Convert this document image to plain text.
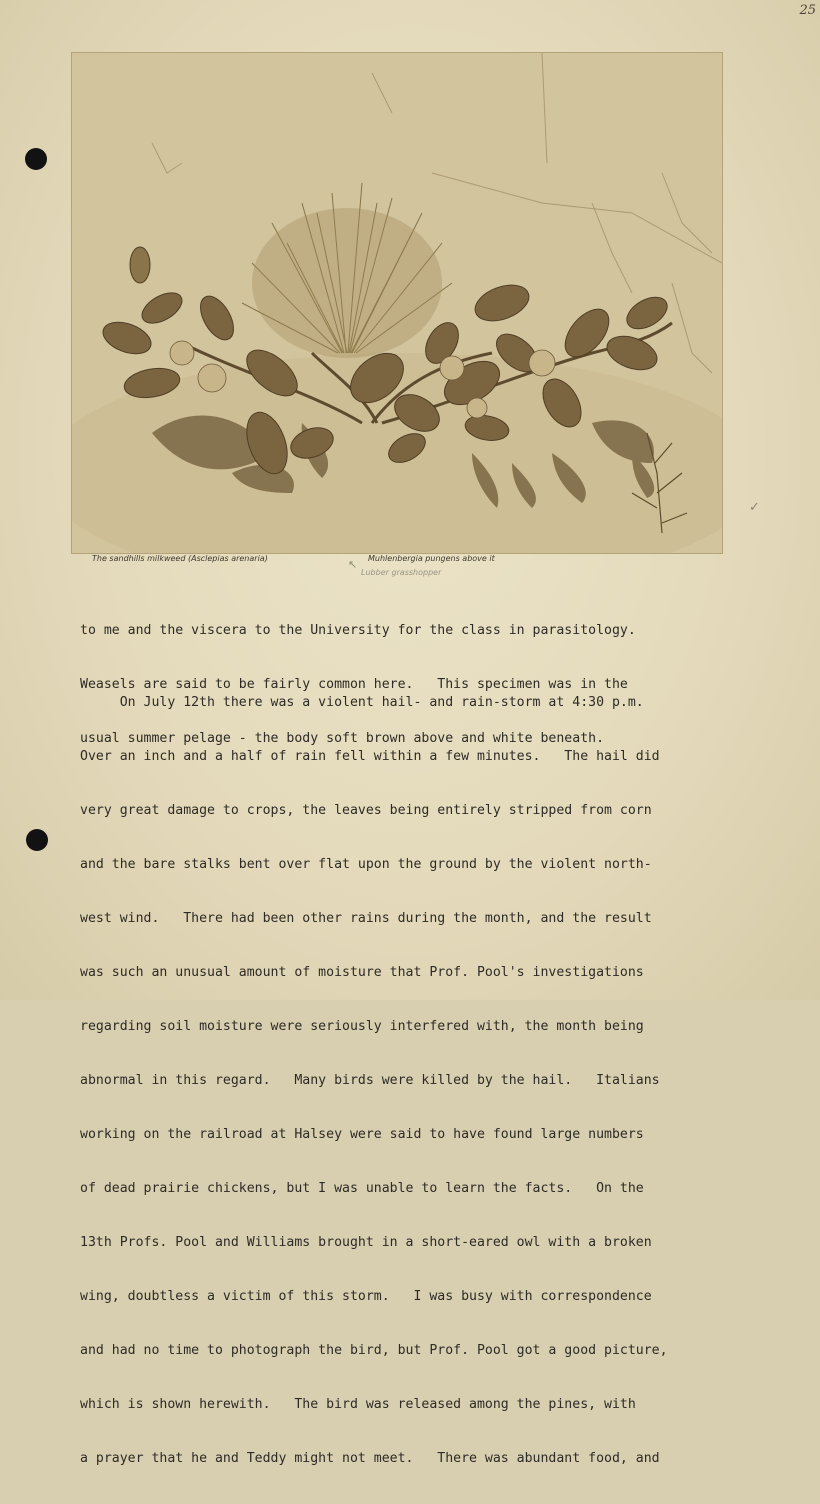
25
The sandhills milkweed (Asclepias arenaria)	Muhlenbergia pungens above it
↖
Lubber grasshopper

to me and the viscera to the University for the class in parasitology.

Weasels are said to be fairly common here.   This specimen was in the

usual summer pelage - the body soft brown above and white beneath.

On July 12th there was a violent hail- and rain-storm at 4:30 p.m.

Over an inch and a half of rain fell within a few minutes.   The hail did

very great damage to crops, the leaves being entirely stripped from corn

and the bare stalks bent over flat upon the ground by the violent north-

west wind.   There had been other rains during the month, and the result

was such an unusual amount of moisture that Prof. Pool's investigations

regarding soil moisture were seriously interfered with, the month being

abnormal in this regard.   Many birds were killed by the hail.   Italians

working on the railroad at Halsey were said to have found large numbers

of dead prairie chickens, but I was unable to learn the facts.   On the

13th Profs. Pool and Williams brought in a short-eared owl with a broken

wing, doubtless a victim of this storm.   I was busy with correspondence

and had no time to photograph the bird, but Prof. Pool got a good picture,

which is shown herewith.   The bird was released among the pines, with

a prayer that he and Teddy might not meet.   There was abundant food, and

✓
